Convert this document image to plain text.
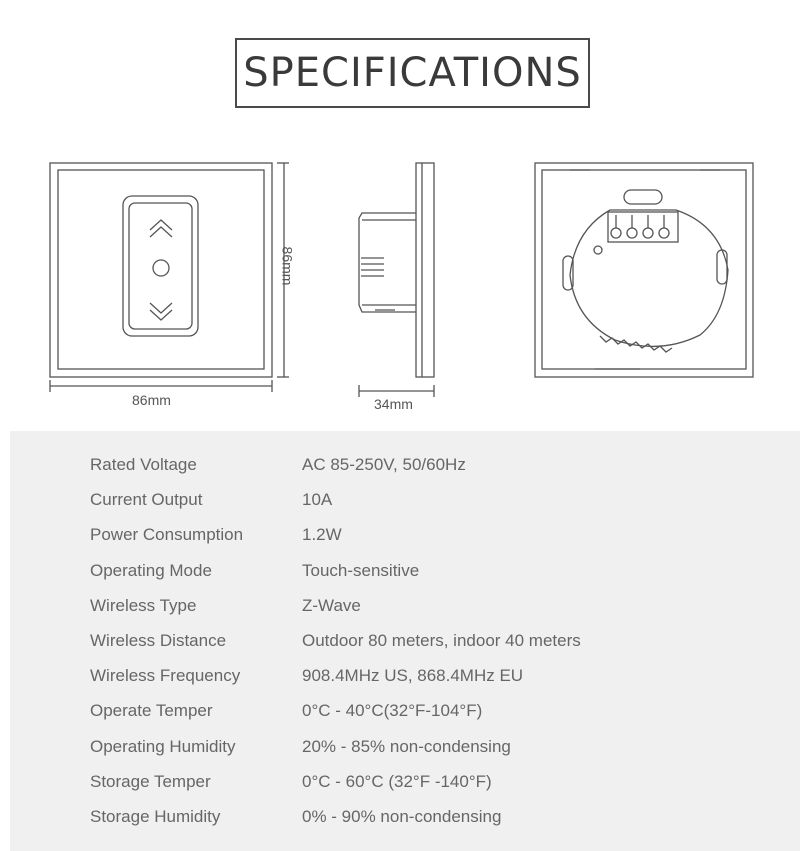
SPECIFICATIONS
86mm
86mm
34mm
Rated Voltage	AC 85-250V, 50/60Hz
Current Output	10A
Power Consumption	1.2W
Operating Mode	Touch-sensitive
Wireless Type	Z-Wave
Wireless Distance	Outdoor 80 meters, indoor 40 meters
Wireless Frequency	908.4MHz US, 868.4MHz EU
Operate Temper	0°C - 40°C(32°F-104°F)
Operating Humidity	20% - 85% non-condensing
Storage Temper	0°C - 60°C (32°F -140°F)
Storage Humidity	0% - 90% non-condensing
